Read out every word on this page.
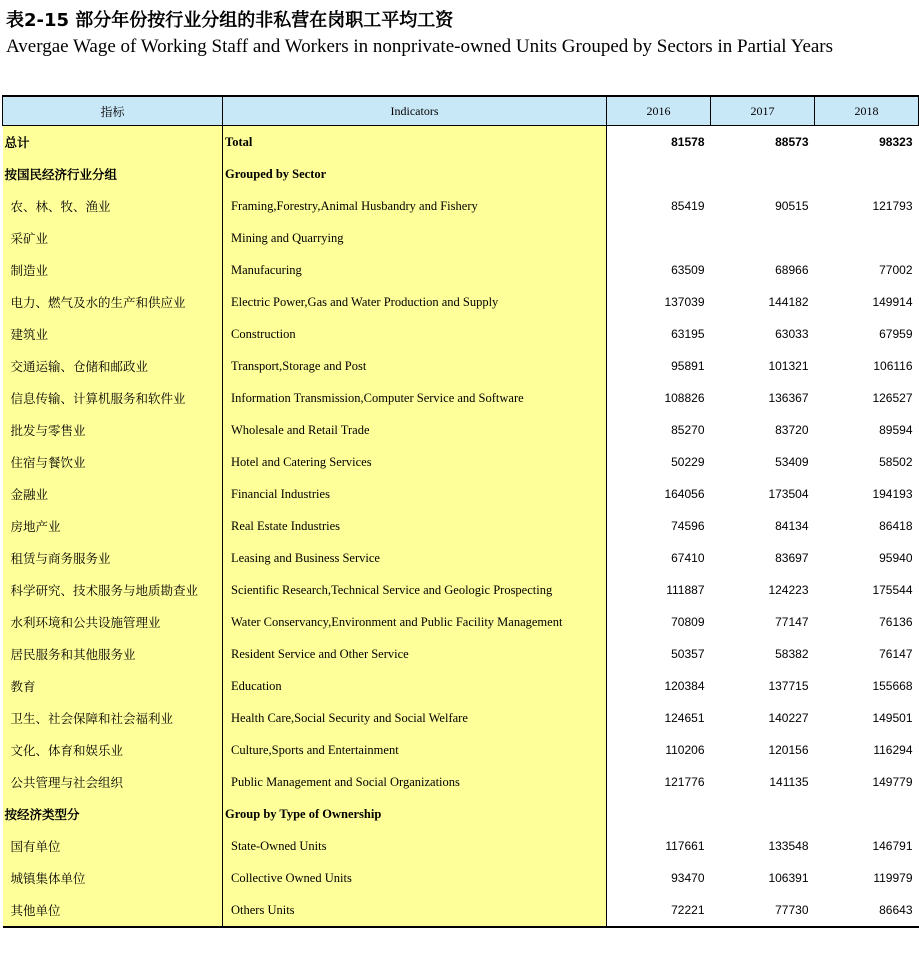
表2-15 部分年份按行业分组的非私营在岗职工平均工资
Avergae Wage of Working Staff and Workers in nonprivate-owned Units Grouped by Sectors in Partial Years
指标	Indicators	2016	2017	2018
总计	Total	81578	88573	98323
按国民经济行业分组	Grouped by Sector			
农、林、牧、渔业	Framing,Forestry,Animal Husbandry and Fishery	85419	90515	121793
采矿业	Mining and Quarrying			
制造业	Manufacuring	63509	68966	77002
电力、燃气及水的生产和供应业	Electric Power,Gas and Water Production and Supply	137039	144182	149914
建筑业	Construction	63195	63033	67959
交通运输、仓储和邮政业	Transport,Storage and Post	95891	101321	106116
信息传输、计算机服务和软件业	Information Transmission,Computer Service and Software	108826	136367	126527
批发与零售业	Wholesale and Retail Trade	85270	83720	89594
住宿与餐饮业	Hotel and Catering Services	50229	53409	58502
金融业	Financial Industries	164056	173504	194193
房地产业	Real Estate Industries	74596	84134	86418
租赁与商务服务业	Leasing and Business Service	67410	83697	95940
科学研究、技术服务与地质勘查业	Scientific Research,Technical Service and Geologic Prospecting	111887	124223	175544
水利环境和公共设施管理业	Water Conservancy,Environment and Public Facility Management	70809	77147	76136
居民服务和其他服务业	Resident Service and Other Service	50357	58382	76147
教育	Education	120384	137715	155668
卫生、社会保障和社会福利业	Health Care,Social Security and Social Welfare	124651	140227	149501
文化、体育和娱乐业	Culture,Sports and Entertainment	110206	120156	116294
公共管理与社会组织	Public Management and Social Organizations	121776	141135	149779
按经济类型分	Group by Type of Ownership			
国有单位	State-Owned Units	117661	133548	146791
城镇集体单位	Collective Owned Units	93470	106391	119979
其他单位	Others Units	72221	77730	86643
